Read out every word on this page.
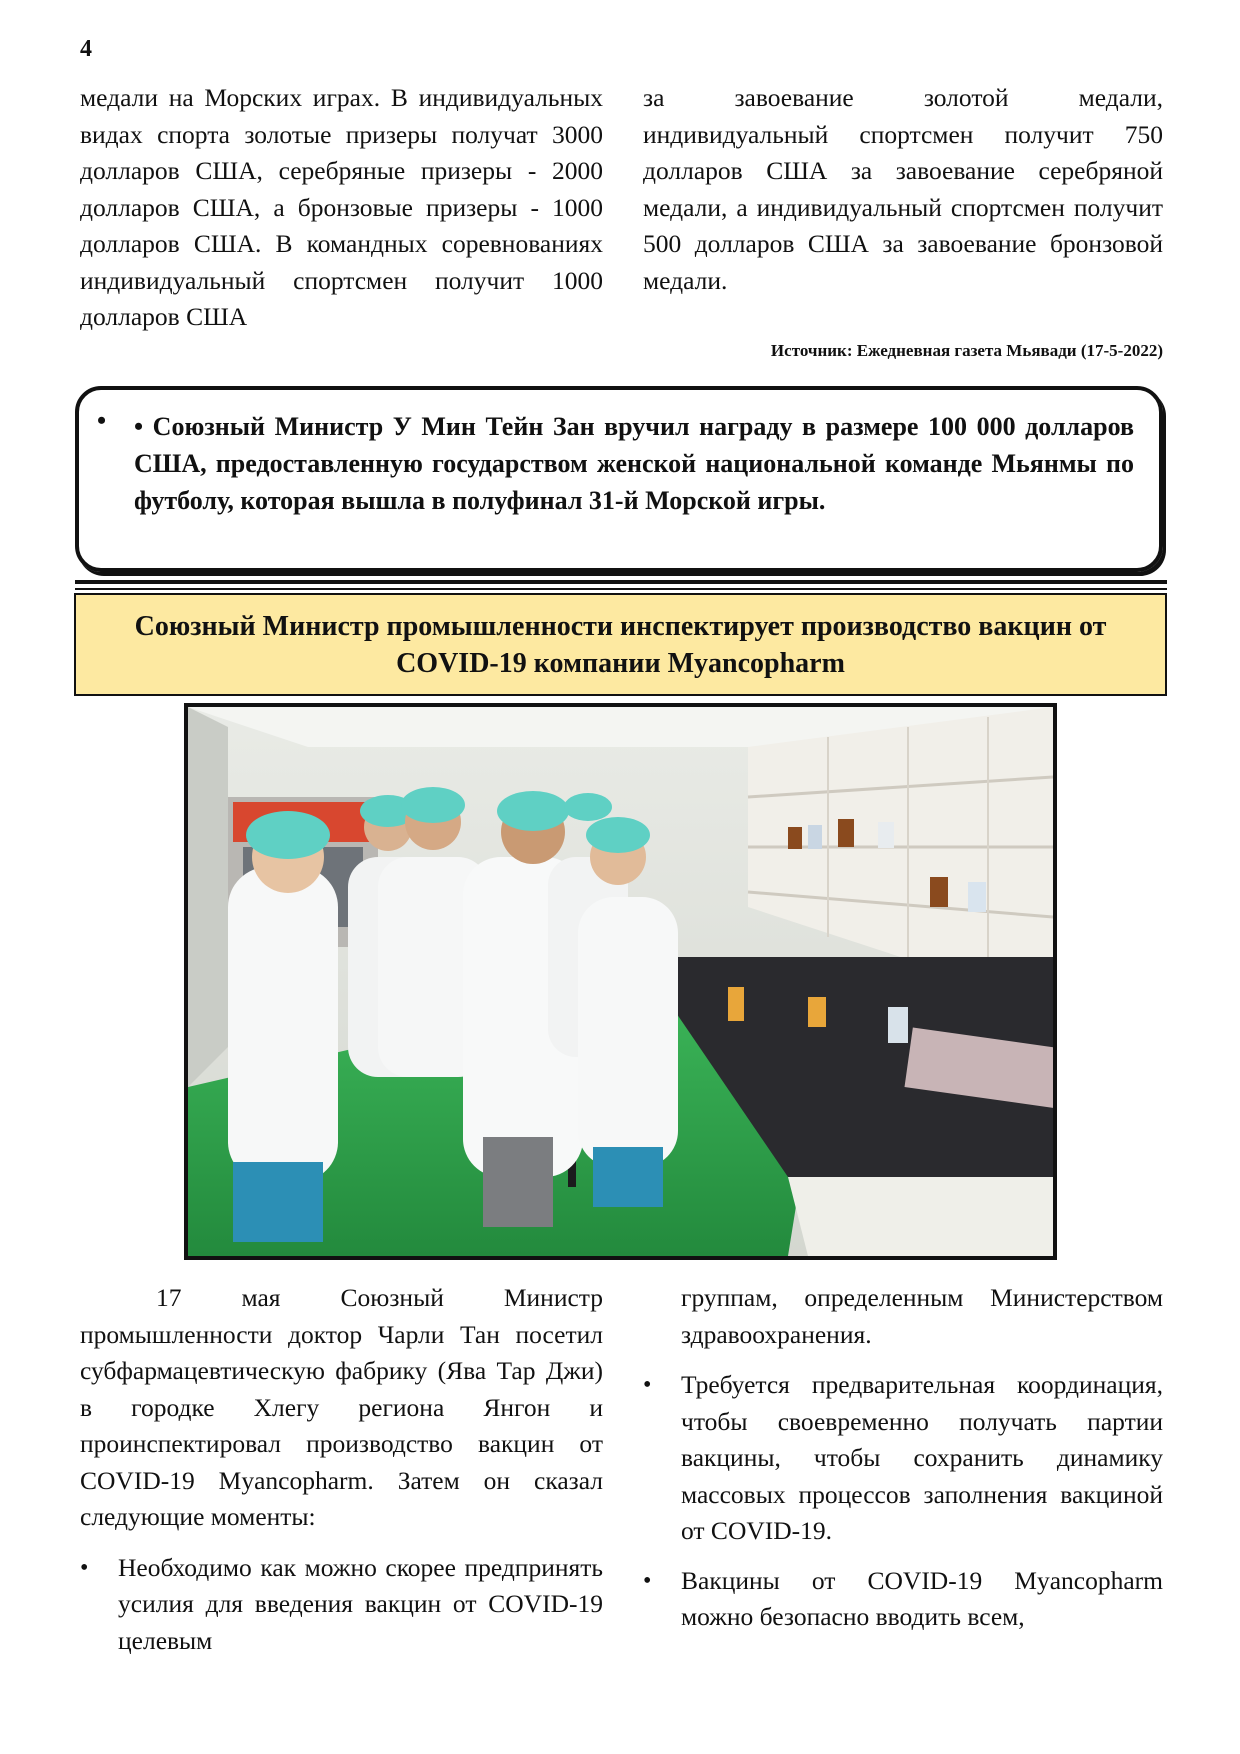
4

медали на Морских играх. В индивидуальных видах спорта золотые призеры получат 3000 долларов США, серебряные призеры - 2000 долларов США, а бронзовые призеры - 1000 долларов США. В командных соревнованиях индивидуальный спортсмен получит 1000 долларов США

за завоевание золотой медали, индивидуальный спортсмен получит 750 долларов США за завоевание серебряной медали, а индивидуальный спортсмен получит 500 долларов США за завоевание бронзовой медали.

Источник: Ежедневная газета Мьявади (17-5-2022)
• • Союзный Министр У Мин Тейн Зан вручил награду в размере 100 000 долларов США, предоставленную государством женской национальной команде Мьянмы по футболу, которая вышла в полуфинал 31-й Морской игры.
Союзный Министр промышленности инспектирует производство вакцин от COVID-19 компании Myancopharm

17 мая Союзный Министр промышленности доктор Чарли Тан посетил субфармацевтическую фабрику (Ява Тар Джи) в городке Хлегу региона Янгон и проинспектировал производство вакцин от COVID-19 Myancopharm. Затем он сказал следующие моменты:

• Необходимо как можно скорее предпринять усилия для введения вакцин от COVID-19 целевым

группам, определенным Министерством здравоохранения.

• Требуется предварительная координация, чтобы своевременно получать партии вакцины, чтобы сохранить динамику массовых процессов заполнения вакциной от COVID-19.
• Вакцины от COVID-19 Myancopharm можно безопасно вводить всем,
